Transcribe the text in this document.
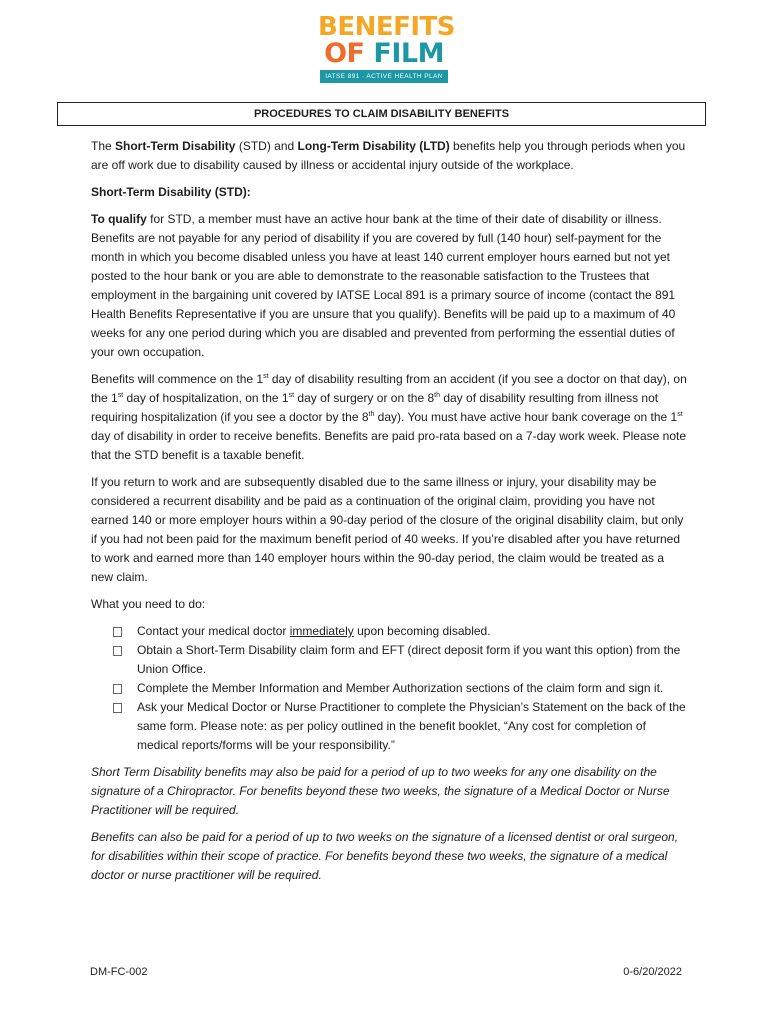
BENEFITS
OF FILM
IATSE 891 · ACTIVE HEALTH PLAN
PROCEDURES TO CLAIM DISABILITY BENEFITS

The Short-Term Disability (STD) and Long-Term Disability (LTD) benefits help you through periods when you are off work due to disability caused by illness or accidental injury outside of the workplace.

Short-Term Disability (STD):

To qualify for STD, a member must have an active hour bank at the time of their date of disability or illness. Benefits are not payable for any period of disability if you are covered by full (140 hour) self-payment for the month in which you become disabled unless you have at least 140 current employer hours earned but not yet posted to the hour bank or you are able to demonstrate to the reasonable satisfaction to the Trustees that employment in the bargaining unit covered by IATSE Local 891 is a primary source of income (contact the 891 Health Benefits Representative if you are unsure that you qualify). Benefits will be paid up to a maximum of 40 weeks for any one period during which you are disabled and prevented from performing the essential duties of your own occupation.

Benefits will commence on the 1st day of disability resulting from an accident (if you see a doctor on that day), on the 1st day of hospitalization, on the 1st day of surgery or on the 8th day of disability resulting from illness not requiring hospitalization (if you see a doctor by the 8th day). You must have active hour bank coverage on the 1st day of disability in order to receive benefits. Benefits are paid pro-rata based on a 7-day work week. Please note that the STD benefit is a taxable benefit.

If you return to work and are subsequently disabled due to the same illness or injury, your disability may be considered a recurrent disability and be paid as a continuation of the original claim, providing you have not earned 140 or more employer hours within a 90-day period of the closure of the original disability claim, but only if you had not been paid for the maximum benefit period of 40 weeks. If you’re disabled after you have returned to work and earned more than 140 employer hours within the 90-day period, the claim would be treated as a new claim.

What you need to do:

Contact your medical doctor immediately upon becoming disabled.
Obtain a Short-Term Disability claim form and EFT (direct deposit form if you want this option) from the Union Office.
Complete the Member Information and Member Authorization sections of the claim form and sign it.
Ask your Medical Doctor or Nurse Practitioner to complete the Physician’s Statement on the back of the same form. Please note: as per policy outlined in the benefit booklet, “Any cost for completion of medical reports/forms will be your responsibility.”

Short Term Disability benefits may also be paid for a period of up to two weeks for any one disability on the signature of a Chiropractor. For benefits beyond these two weeks, the signature of a Medical Doctor or Nurse Practitioner will be required.

Benefits can also be paid for a period of up to two weeks on the signature of a licensed dentist or oral surgeon, for disabilities within their scope of practice. For benefits beyond these two weeks, the signature of a medical doctor or nurse practitioner will be required.

DM-FC-002	0-6/20/2022
